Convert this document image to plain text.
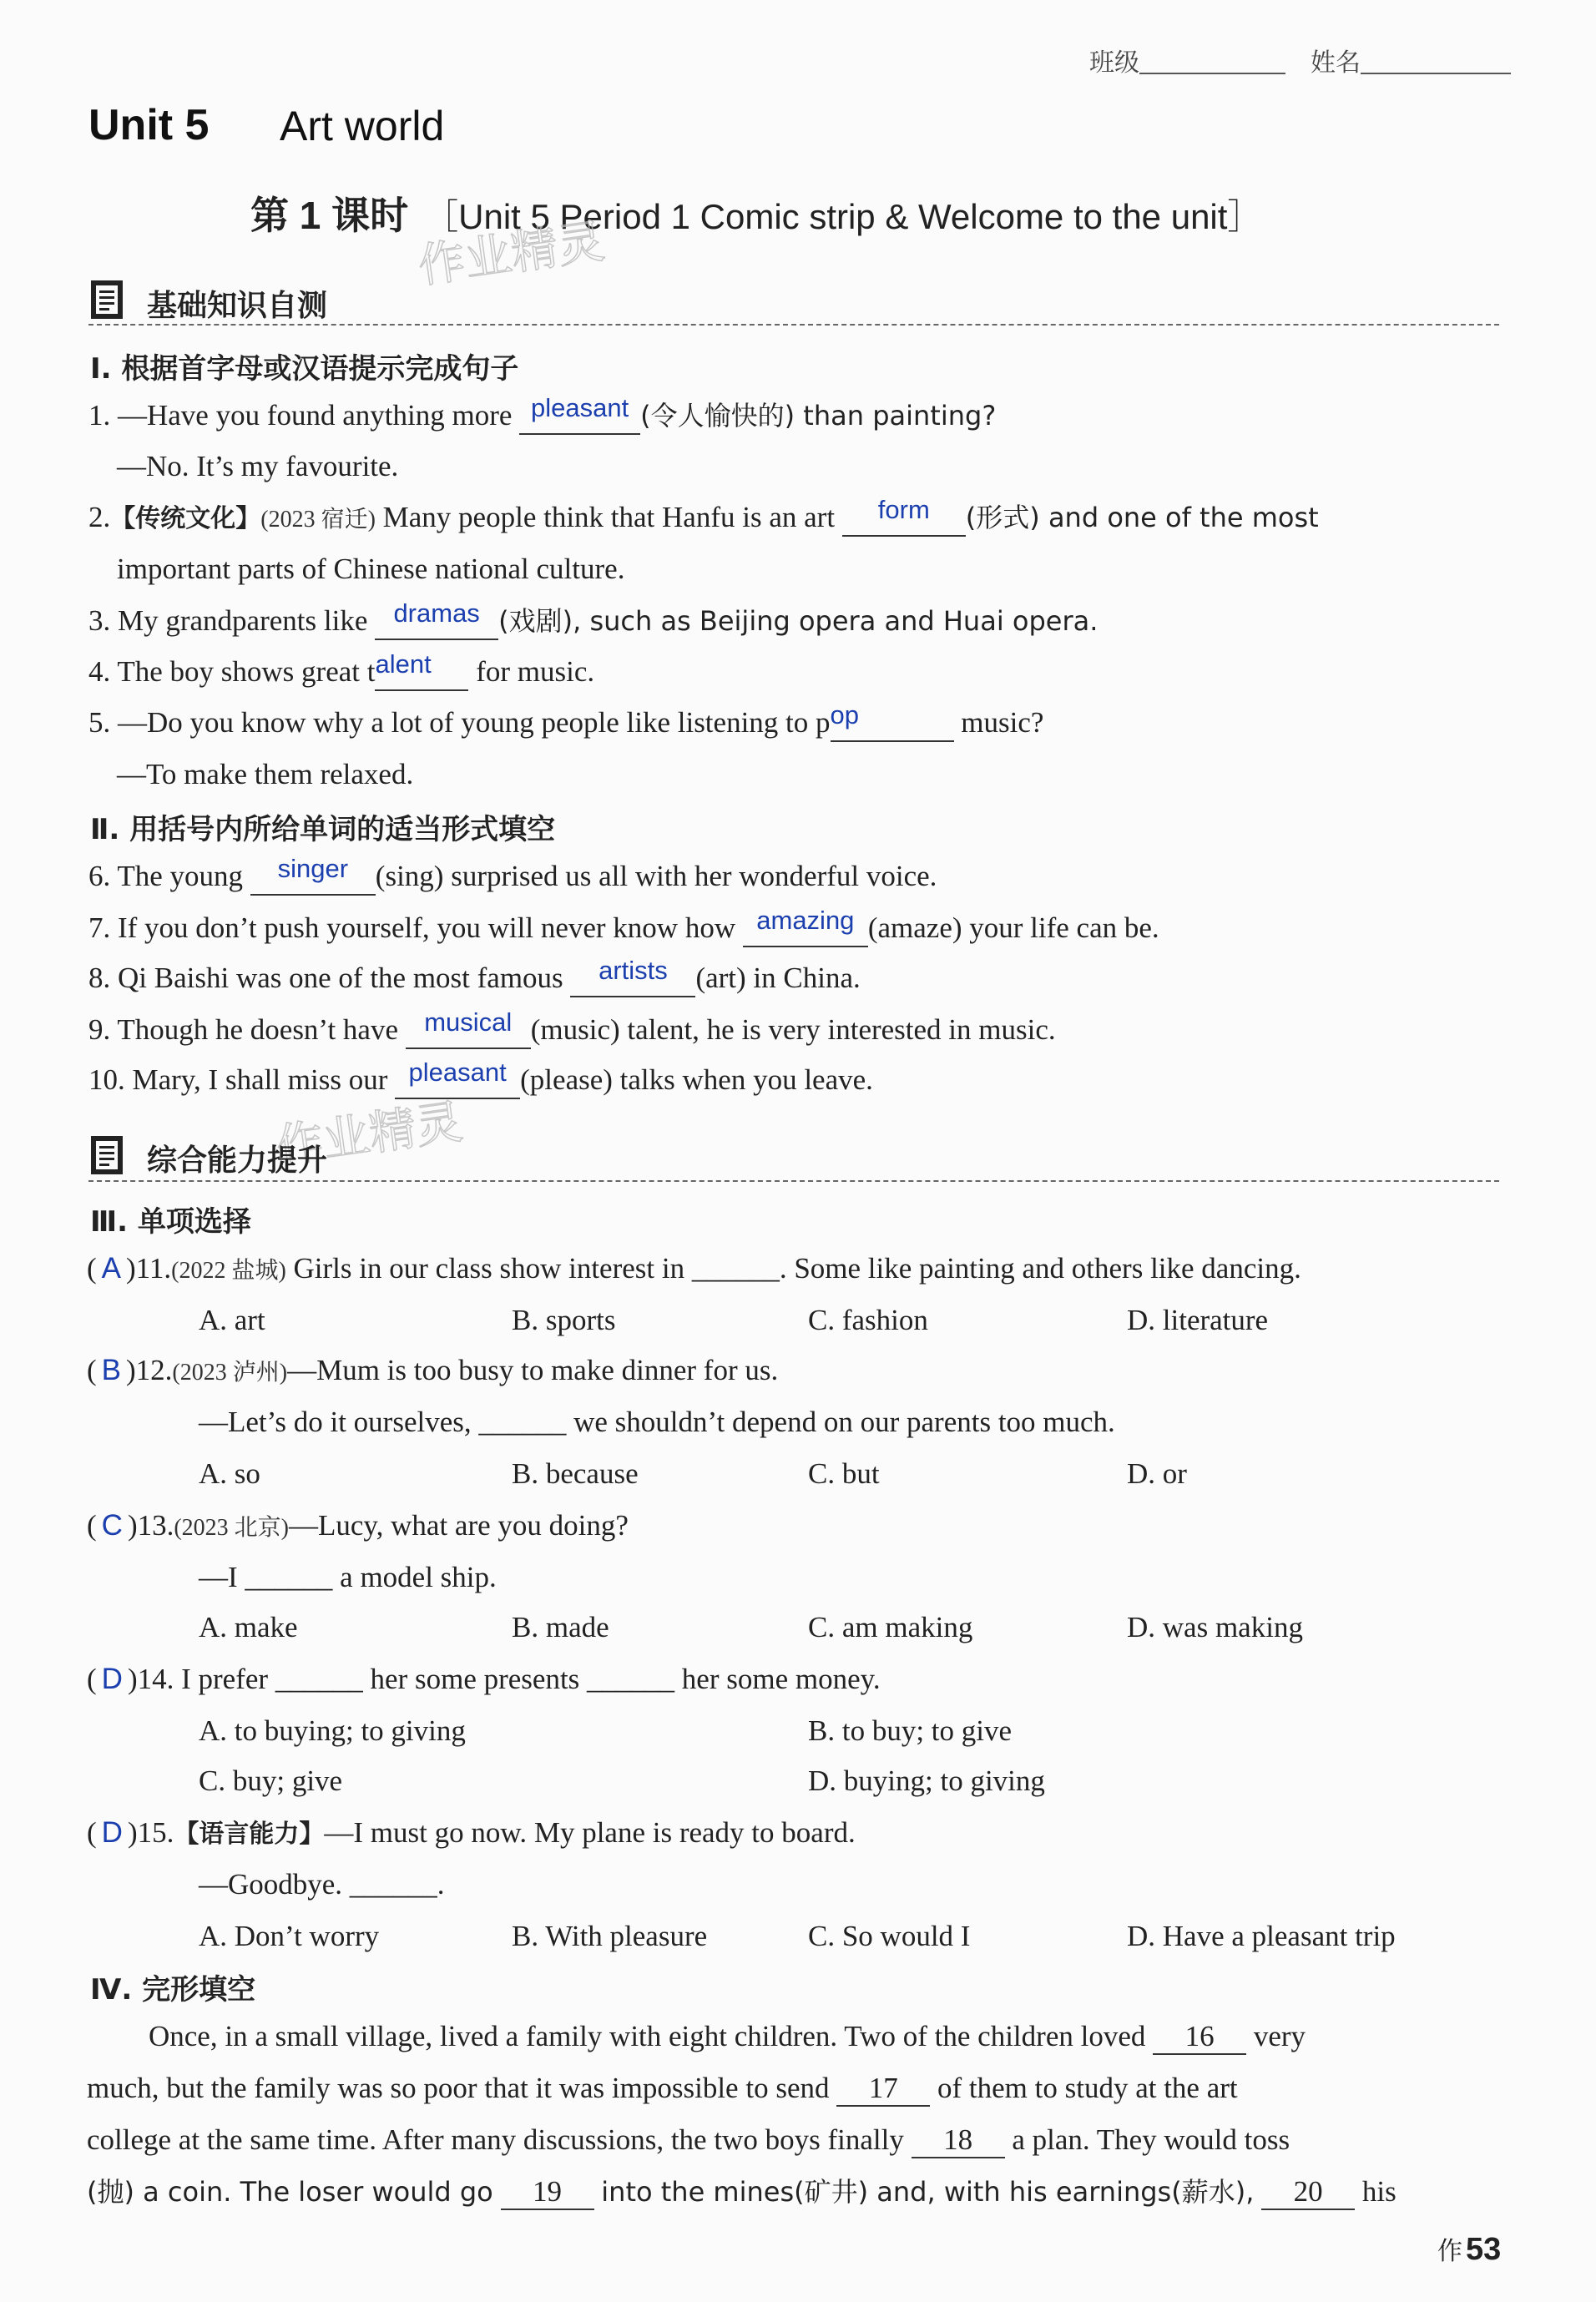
班级	姓名
Unit 5 Art world
第 1 课时 ［Unit 5 Period 1 Comic strip & Welcome to the unit］
作业精灵
作业精灵
基础知识自测
Ⅰ. 根据首字母或汉语提示完成句子
1. —Have you found anything more pleasant (令人愉快的) than painting?
—No. It’s my favourite.
2.【传统文化】(2023 宿迁) Many people think that Hanfu is an art form (形式) and one of the most
important parts of Chinese national culture.
3. My grandparents like dramas (戏剧), such as Beijing opera and Huai opera.
4. The boy shows great talent for music.
5. —Do you know why a lot of young people like listening to pop	music?
—To make them relaxed.
Ⅱ. 用括号内所给单词的适当形式填空
6. The young singer (sing) surprised us all with her wonderful voice.
7. If you don’t push yourself, you will never know how amazing (amaze) your life can be.
8. Qi Baishi was one of the most famous artists (art) in China.
9. Though he doesn’t have musical (music) talent, he is very interested in music.
10. Mary, I shall miss our pleasant (please) talks when you leave.
综合能力提升
Ⅲ. 单项选择
( A )11.(2022 盐城) Girls in our class show interest in ______. Some like painting and others like dancing.
A. art	B. sports	C. fashion	D. literature
( B )12.(2023 泸州)—Mum is too busy to make dinner for us.
—Let’s do it ourselves, ______ we shouldn’t depend on our parents too much.
A. so	B. because	C. but	D. or
( C )13.(2023 北京)—Lucy, what are you doing?
—I ______ a model ship.
A. make	B. made	C. am making	D. was making
( D )14. I prefer ______ her some presents ______ her some money.
A. to buying; to giving	B. to buy; to give
C. buy; give	D. buying; to giving
( D )15.【语言能力】—I must go now. My plane is ready to board.
—Goodbye. ______.
A. Don’t worry	B. With pleasure	C. So would I	D. Have a pleasant trip
Ⅳ. 完形填空
Once, in a small village, lived a family with eight children. Two of the children loved 16 very
much, but the family was so poor that it was impossible to send 17 of them to study at the art
college at the same time. After many discussions, the two boys finally 18 a plan. They would toss
(抛) a coin. The loser would go 19 into the mines(矿井) and, with his earnings(薪水), 20 his
作 53
